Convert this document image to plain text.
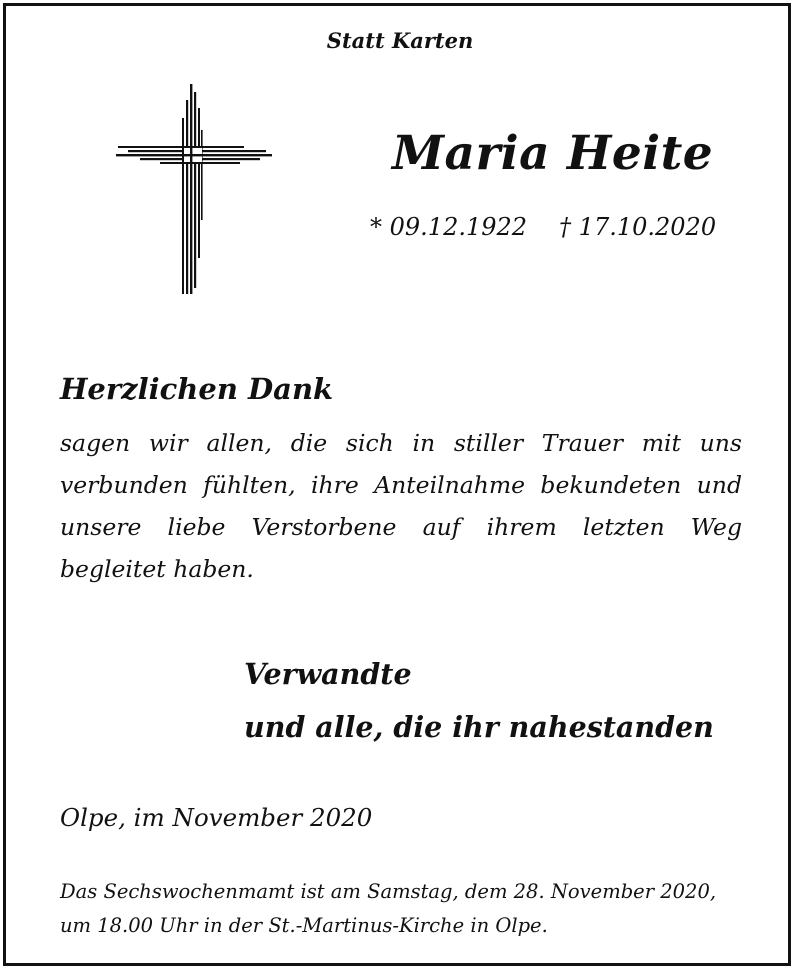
Statt Karten
Maria Heite
* 09.12.1922 † 17.10.2020
Herzlichen Dank
sagen wir allen, die sich in stiller Trauer mit uns verbunden fühlten, ihre Anteilnahme bekundeten und unsere liebe Verstorbene auf ihrem letzten Weg begleitet haben.
Verwandte
und alle, die ihr nahestanden
Olpe, im November 2020
Das Sechswochenmamt ist am Samstag, dem 28. November 2020,
um 18.00 Uhr in der St.-Martinus-Kirche in Olpe.
